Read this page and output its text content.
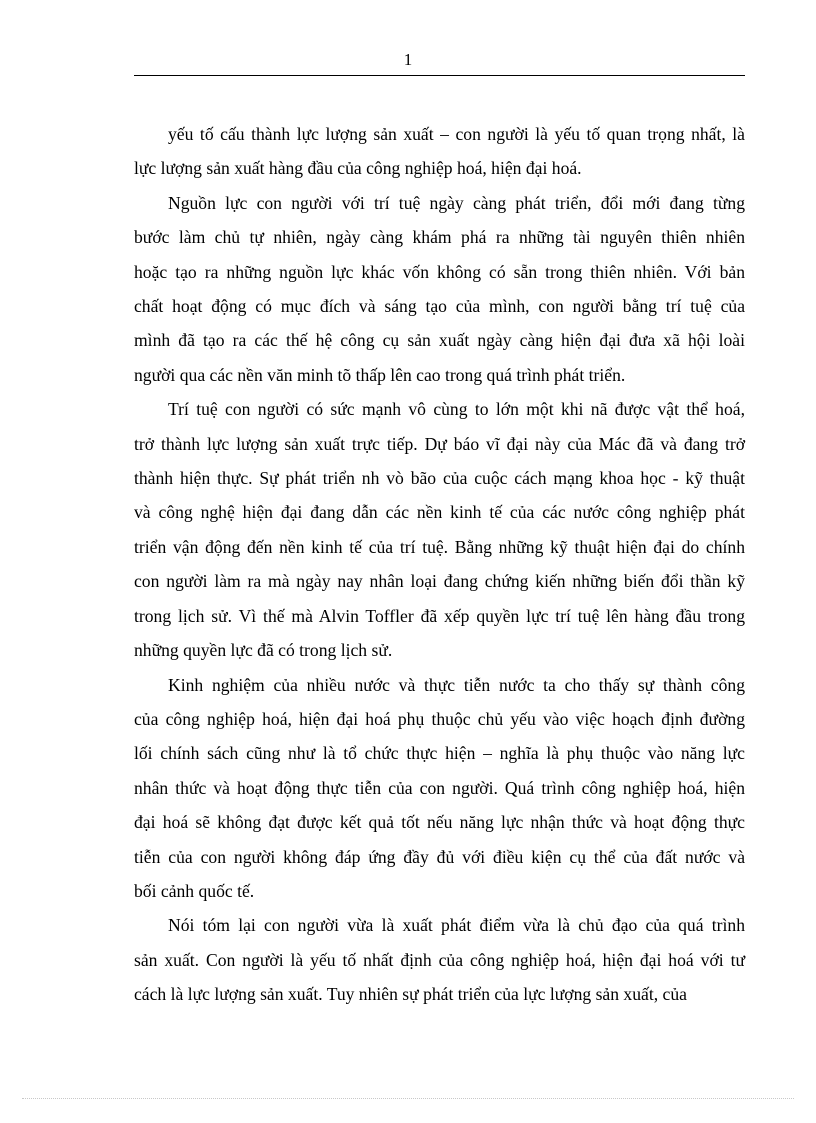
1

yếu tố cấu thành lực lượng sản xuất – con người là yếu tố quan trọng nhất, là
lực lượng sản xuất hàng đầu của công nghiệp hoá, hiện đại hoá.

Nguồn lực con người với trí tuệ ngày càng phát triển, đổi mới đang từng
bước làm chủ tự nhiên, ngày càng khám phá ra những tài nguyên thiên nhiên
hoặc tạo ra những nguồn lực khác vốn không có sẵn trong thiên nhiên. Với bản
chất hoạt động có mục đích và sáng tạo của mình, con người bằng trí tuệ của
mình đã tạo ra các thế hệ công cụ sản xuất ngày càng hiện đại đưa xã hội loài
người qua các nền văn minh tõ thấp lên cao trong quá trình phát triển.

Trí tuệ con người có sức mạnh vô cùng to lớn một khi nã được vật thể hoá,
trở thành lực lượng sản xuất trực tiếp. Dự báo vĩ đại này của Mác đã và đang trở
thành hiện thực. Sự phát triển nh vò bão của cuộc cách mạng khoa học - kỹ thuật
và công nghệ hiện đại đang dẫn các nền kinh tế của các nước công nghiệp phát
triển vận động đến nền kinh tế của trí tuệ. Bằng những kỹ thuật hiện đại do chính
con người làm ra mà ngày nay nhân loại đang chứng kiến những biến đổi thần kỹ
trong lịch sử. Vì thế mà Alvin Toffler đã xếp quyền lực trí tuệ lên hàng đầu trong
những quyền lực đã có trong lịch sử.

Kinh nghiệm của nhiều nước và thực tiễn nước ta cho thấy sự thành công
của công nghiệp hoá, hiện đại hoá phụ thuộc chủ yếu vào việc hoạch định đường
lối chính sách cũng như là tổ chức thực hiện – nghĩa là phụ thuộc vào năng lực
nhân thức và hoạt động thực tiễn của con người. Quá trình công nghiệp hoá, hiện
đại hoá sẽ không đạt được kết quả tốt nếu năng lực nhận thức và hoạt động thực
tiễn của con người không đáp ứng đầy đủ với điều kiện cụ thể của đất nước và
bối cảnh quốc tế.

Nói tóm lại con người vừa là xuất phát điểm vừa là chủ đạo của quá trình
sản xuất. Con người là yếu tố nhất định của công nghiệp hoá, hiện đại hoá với tư
cách là lực lượng sản xuất. Tuy nhiên sự phát triển của lực lượng sản xuất, của
